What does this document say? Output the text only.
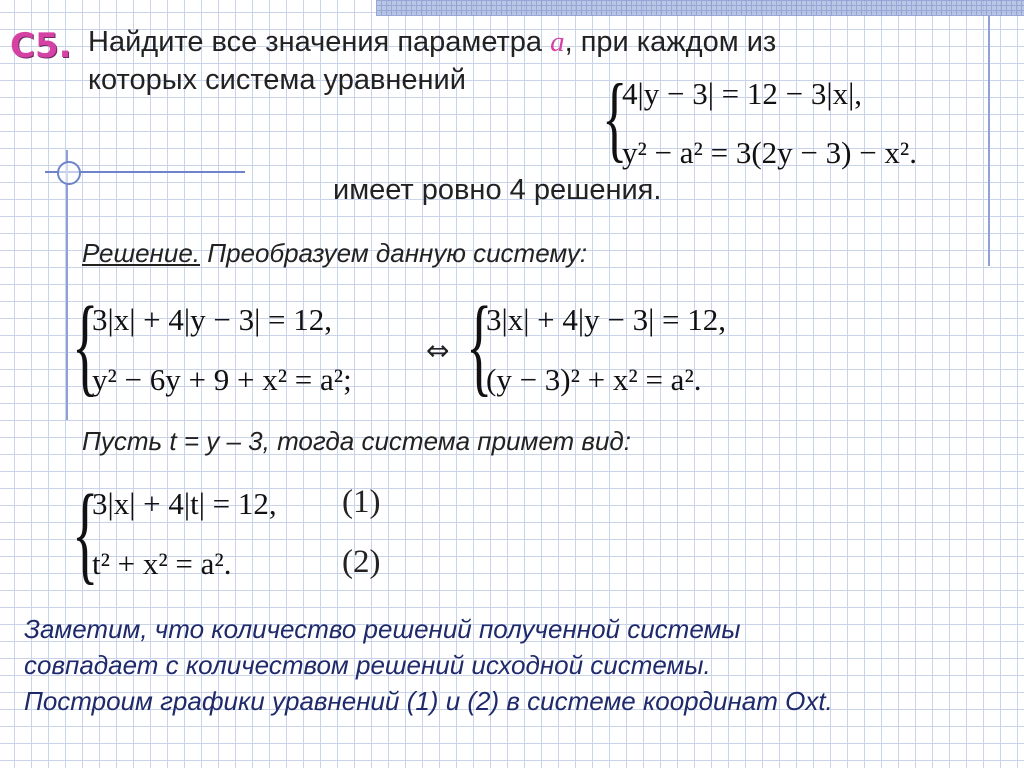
С5. Найдите все значения параметра a, при каждом из
которых система уравнений {
4|y − 3| = 12 − 3|x|,
y² − a² = 3(2y − 3) − x².
имеет ровно 4 решения.
Решение. Преобразуем данную систему:
{
3|x| + 4|y − 3| = 12,
y² − 6y + 9 + x² = a²;
⇔ {
3|x| + 4|y − 3| = 12,
(y − 3)² + x² = a².
Пусть t = y – 3, тогда система примет вид:
{
3|x| + 4|t| = 12,
t² + x² = a².
(1)
(2)
Заметим, что количество решений полученной системы
совпадает с количеством решений исходной системы.
Построим графики уравнений (1) и (2) в системе координат Oxt.
